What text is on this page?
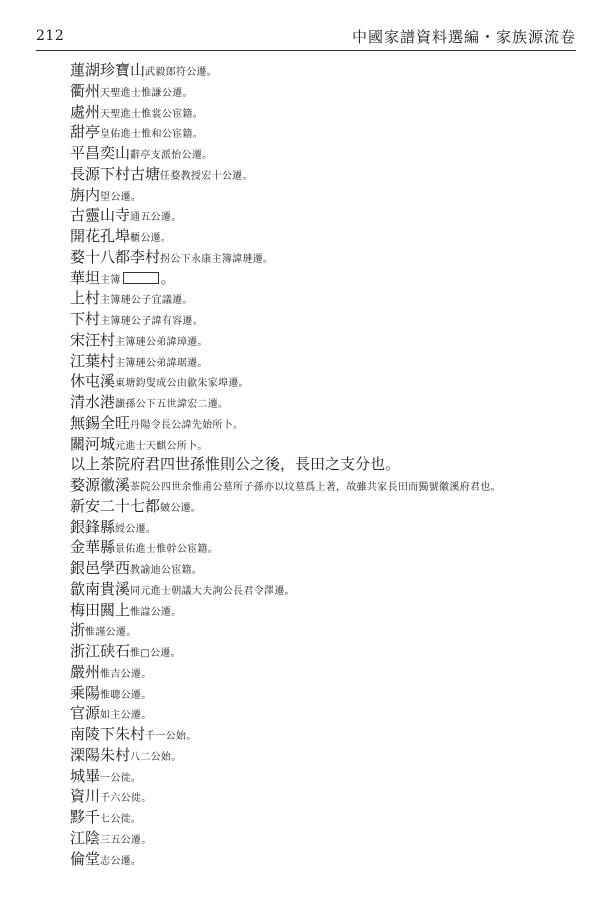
212	中國家譜資料選編・家族源流卷
蓮湖珍寶山武毅郎符公遷。
衢州天聖進士惟謙公遷。
處州天聖進士惟裳公宦籍。
甜亭皇佑進士惟和公宦籍。
平昌奕山辭亭支派怡公遷。
長源下村古塘任婺教授宏十公遷。
旃内望公遷。
古靈山寺通五公遷。
開花孔埠櫃公遷。
婺十八都李村拐公下永康主簿諱璉遷。
華坦主簿	。
上村主簿璉公子宜議遷。
下村主簿璉公子諱有容遷。
宋汪村主簿璉公弟諱璋遷。
江葉村主簿璉公弟諱琚遷。
休屯溪東塘鈞叟成公由歙朱家埠遷。
清水港灝孫公下五世諱宏二遷。
無錫全旺丹陽令長公諱先始所卜。
關河城元進士天麒公所卜。
以上茶院府君四世孫惟則公之後，長田之支分也。
婺源徽溪茶院公四世余惟甫公墓所子孫亦以坟墓爲上著，故雖共家長田而獨號徽溪府君也。
新安二十七都皴公遷。
銀鋒縣綬公遷。
金華縣景佑進士惟幹公宦籍。
銀邑學西教諭迪公宦籍。
歙南貴溪同元進士朝議大夫詢公長君令澤遷。
梅田闗上惟諡公遷。
浙惟謹公遷。
浙江硖石惟□公遷。
嚴州惟吉公遷。
乘陽惟聰公遷。
官源如主公遷。
南陵下朱村千一公始。
溧陽朱村八二公始。
城畢一公徙。
資川千六公徙。
黟千七公徙。
江陰三五公遷。
倫堂志公遷。
